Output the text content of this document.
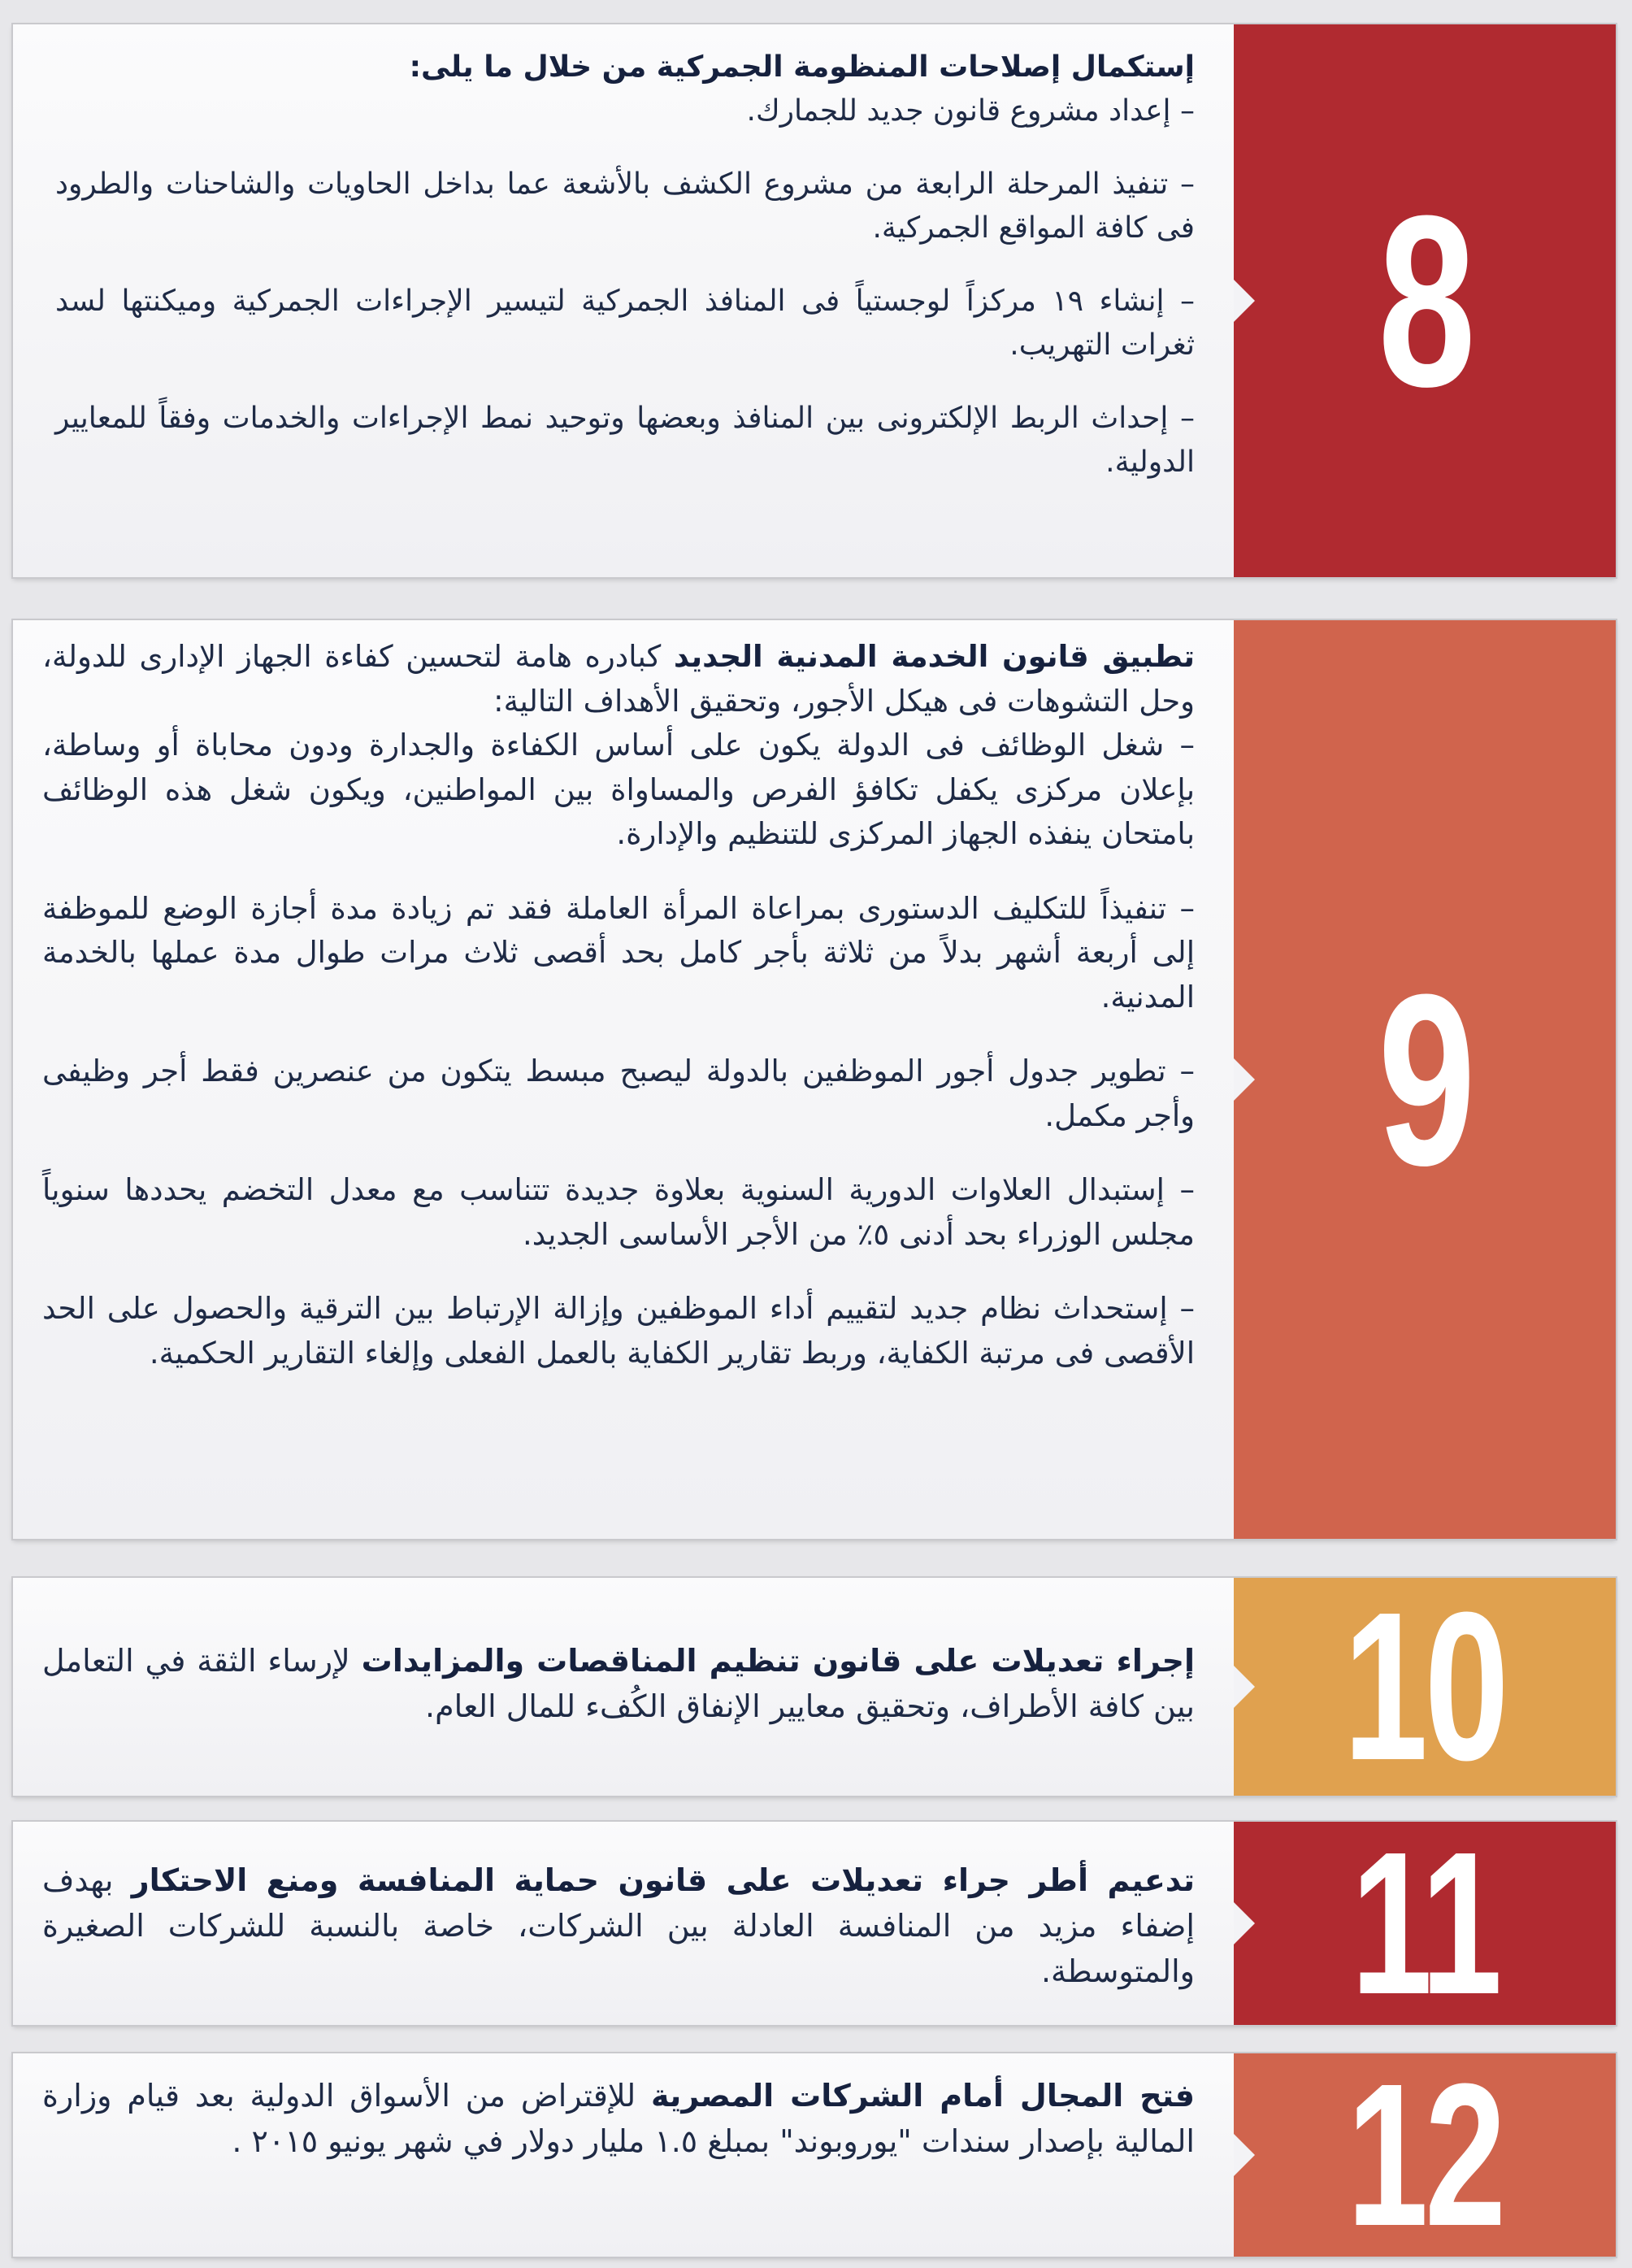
8

إستكمال إصلاحات المنظومة الجمركية من خلال ما يلى:

– إعداد مشروع قانون جديد للجمارك.

– تنفيذ المرحلة الرابعة من مشروع الكشف بالأشعة عما بداخل الحاويات والشاحنات والطرود فى كافة المواقع الجمركية.

– إنشاء ١٩ مركزاً لوجستياً فى المنافذ الجمركية لتيسير الإجراءات الجمركية وميكنتها لسد ثغرات التهريب.

– إحداث الربط الإلكترونى بين المنافذ وبعضها وتوحيد نمط الإجراءات والخدمات وفقاً للمعايير الدولية.

9

تطبيق قانون الخدمة المدنية الجديد كبادره هامة لتحسين كفاءة الجهاز الإدارى للدولة، وحل التشوهات فى هيكل الأجور، وتحقيق الأهداف التالية:

– شغل الوظائف فى الدولة يكون على أساس الكفاءة والجدارة ودون محاباة أو وساطة، بإعلان مركزى يكفل تكافؤ الفرص والمساواة بين المواطنين، ويكون شغل هذه الوظائف بامتحان ينفذه الجهاز المركزى للتنظيم والإدارة.

– تنفيذاً للتكليف الدستورى بمراعاة المرأة العاملة فقد تم زيادة مدة أجازة الوضع للموظفة إلى أربعة أشهر بدلاً من ثلاثة بأجر كامل بحد أقصى ثلاث مرات طوال مدة عملها بالخدمة المدنية.

– تطوير جدول أجور الموظفين بالدولة ليصبح مبسط يتكون من عنصرين فقط أجر وظيفى وأجر مكمل.

– إستبدال العلاوات الدورية السنوية بعلاوة جديدة تتناسب مع معدل التخضم يحددها سنوياً مجلس الوزراء بحد أدنى ٥٪ من الأجر الأساسى الجديد.

– إستحداث نظام جديد لتقييم أداء الموظفين وإزالة الإرتباط بين الترقية والحصول على الحد الأقصى فى مرتبة الكفاية، وربط تقارير الكفاية بالعمل الفعلى وإلغاء التقارير الحكمية.

10

إجراء تعديلات على قانون تنظيم المناقصات والمزايدات لإرساء الثقة في التعامل بين كافة الأطراف، وتحقيق معايير الإنفاق الكُفء للمال العام.

11

تدعيم أطر جراء تعديلات على قانون حماية المنافسة ومنع الاحتكار بهدف إضفاء مزيد من المنافسة العادلة بين الشركات، خاصة بالنسبة للشركات الصغيرة والمتوسطة.

12

فتح المجال أمام الشركات المصرية للإقتراض من الأسواق الدولية بعد قيام وزارة المالية بإصدار سندات "يوروبوند" بمبلغ ١.٥ مليار دولار في شهر يونيو ٢٠١٥ .
